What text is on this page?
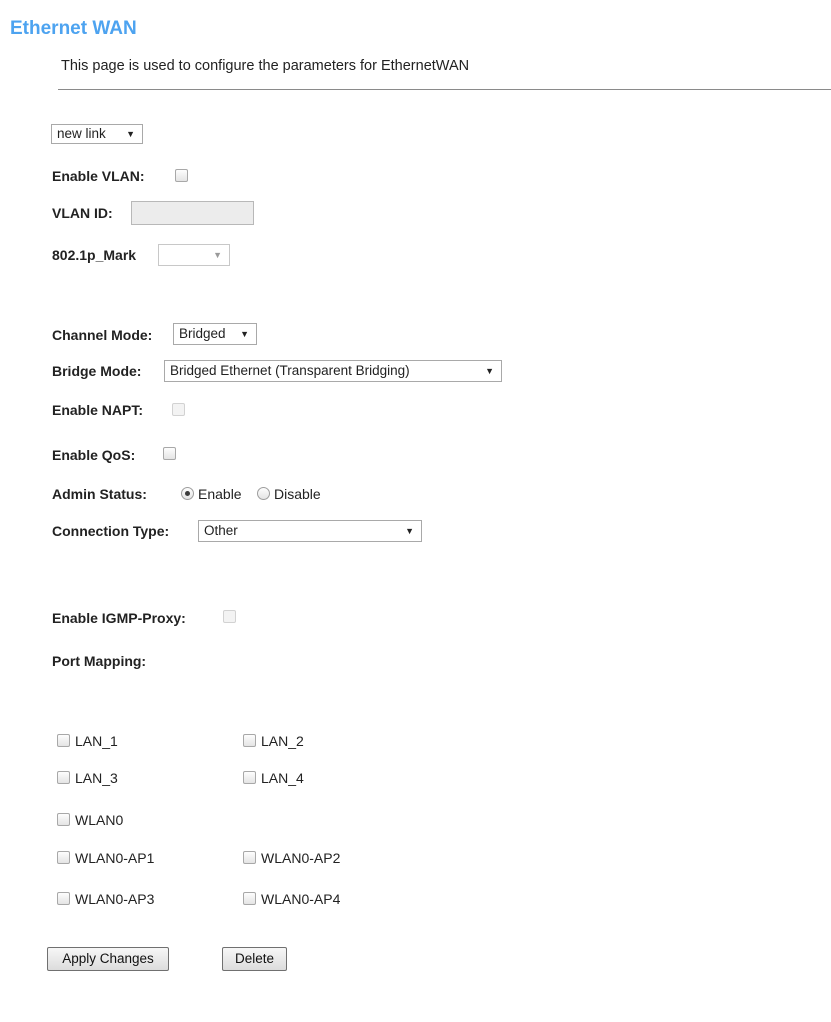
Ethernet WAN
This page is used to configure the parameters for EthernetWAN
new link ▼
Enable VLAN:
VLAN ID:
802.1p_Mark	▼
Channel Mode: Bridged ▼
Bridge Mode: Bridged Ethernet (Transparent Bridging)	▼
Enable NAPT:
Enable QoS:
Admin Status:	Enable Disable
Connection Type:	Other	▼
Enable IGMP-Proxy:
Port Mapping:
LAN_1	LAN_2
LAN_3	LAN_4
WLAN0
WLAN0-AP1	WLAN0-AP2
WLAN0-AP3	WLAN0-AP4
Apply Changes	Delete
